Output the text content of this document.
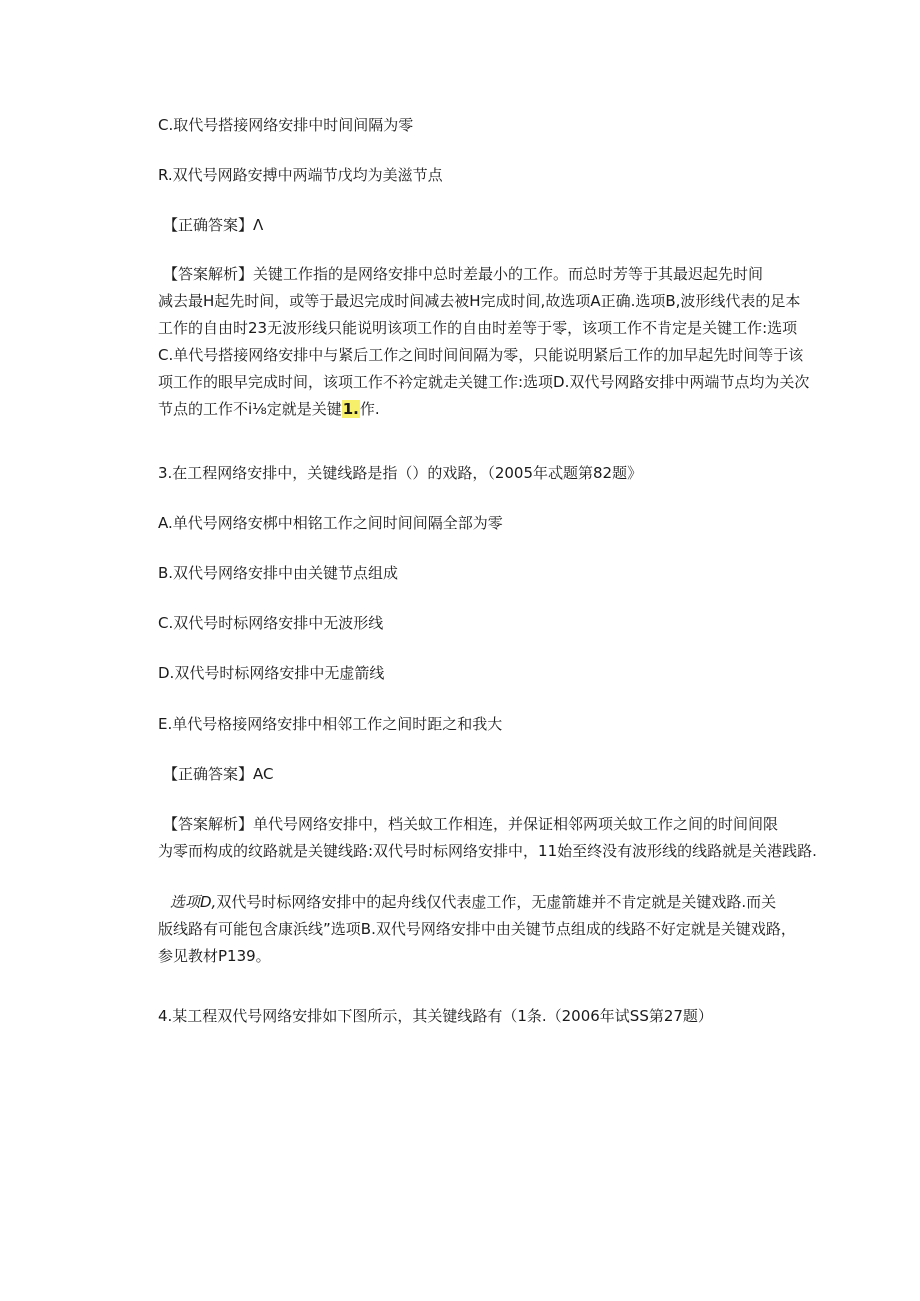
C.取代号搭接网络安排中时间间隔为零
R.双代号网路安搏中两端节戊均为美滋节点
【正确答案】Λ
【答案解析】关键工作指的是网络安排中总时差最小的工作。而总时芳等于其最迟起先时间
减去最H起先时间，或等于最迟完成时间减去被H完成时间,故选项A正确.选项B,波形线代表的足本
工作的自由时23无波形线只能说明该项工作的自由时差等于零，该项工作不肯定是关键工作:选项
C.单代号搭接网络安排中与紧后工作之间时间间隔为零，只能说明紧后工作的加早起先时间等于该
项工作的眼早完成时间，该项工作不衿定就走关键工作:选项D.双代号网路安排中两端节点均为关次
节点的工作不i⅛定就是关键1.作.
3.在工程网络安排中，关键线路是指（）的戏路，（2005年忒题第82题》
A.单代号网络安梆中相铭工作之间时间间隔全部为零
B.双代号网络安排中由关键节点组成
C.双代号时标网络安排中无波形线
D.双代号时标网络安排中无虚箭线
E.单代号格接网络安排中相邻工作之间时距之和我大
【正确答案】AC
【答案解析】单代号网络安排中，档关蚊工作相连，并保证相邻两项关蚊工作之间的时间间限
为零而构成的纹路就是关键线路:双代号时标网络安排中，11始至终没有波形线的线路就是关港践路.
选项D,双代号时标网络安排中的起舟线仅代表虚工作，无虚箭雄并不肯定就是关键戏路.而关
版线路有可能包含康浜线”选项B.双代号网络安排中由关键节点组成的线路不好定就是关键戏路，
参见教材P139。
4.某工程双代号网络安排如下图所示，其关键线路有（1条.（2006年试SS第27题）
